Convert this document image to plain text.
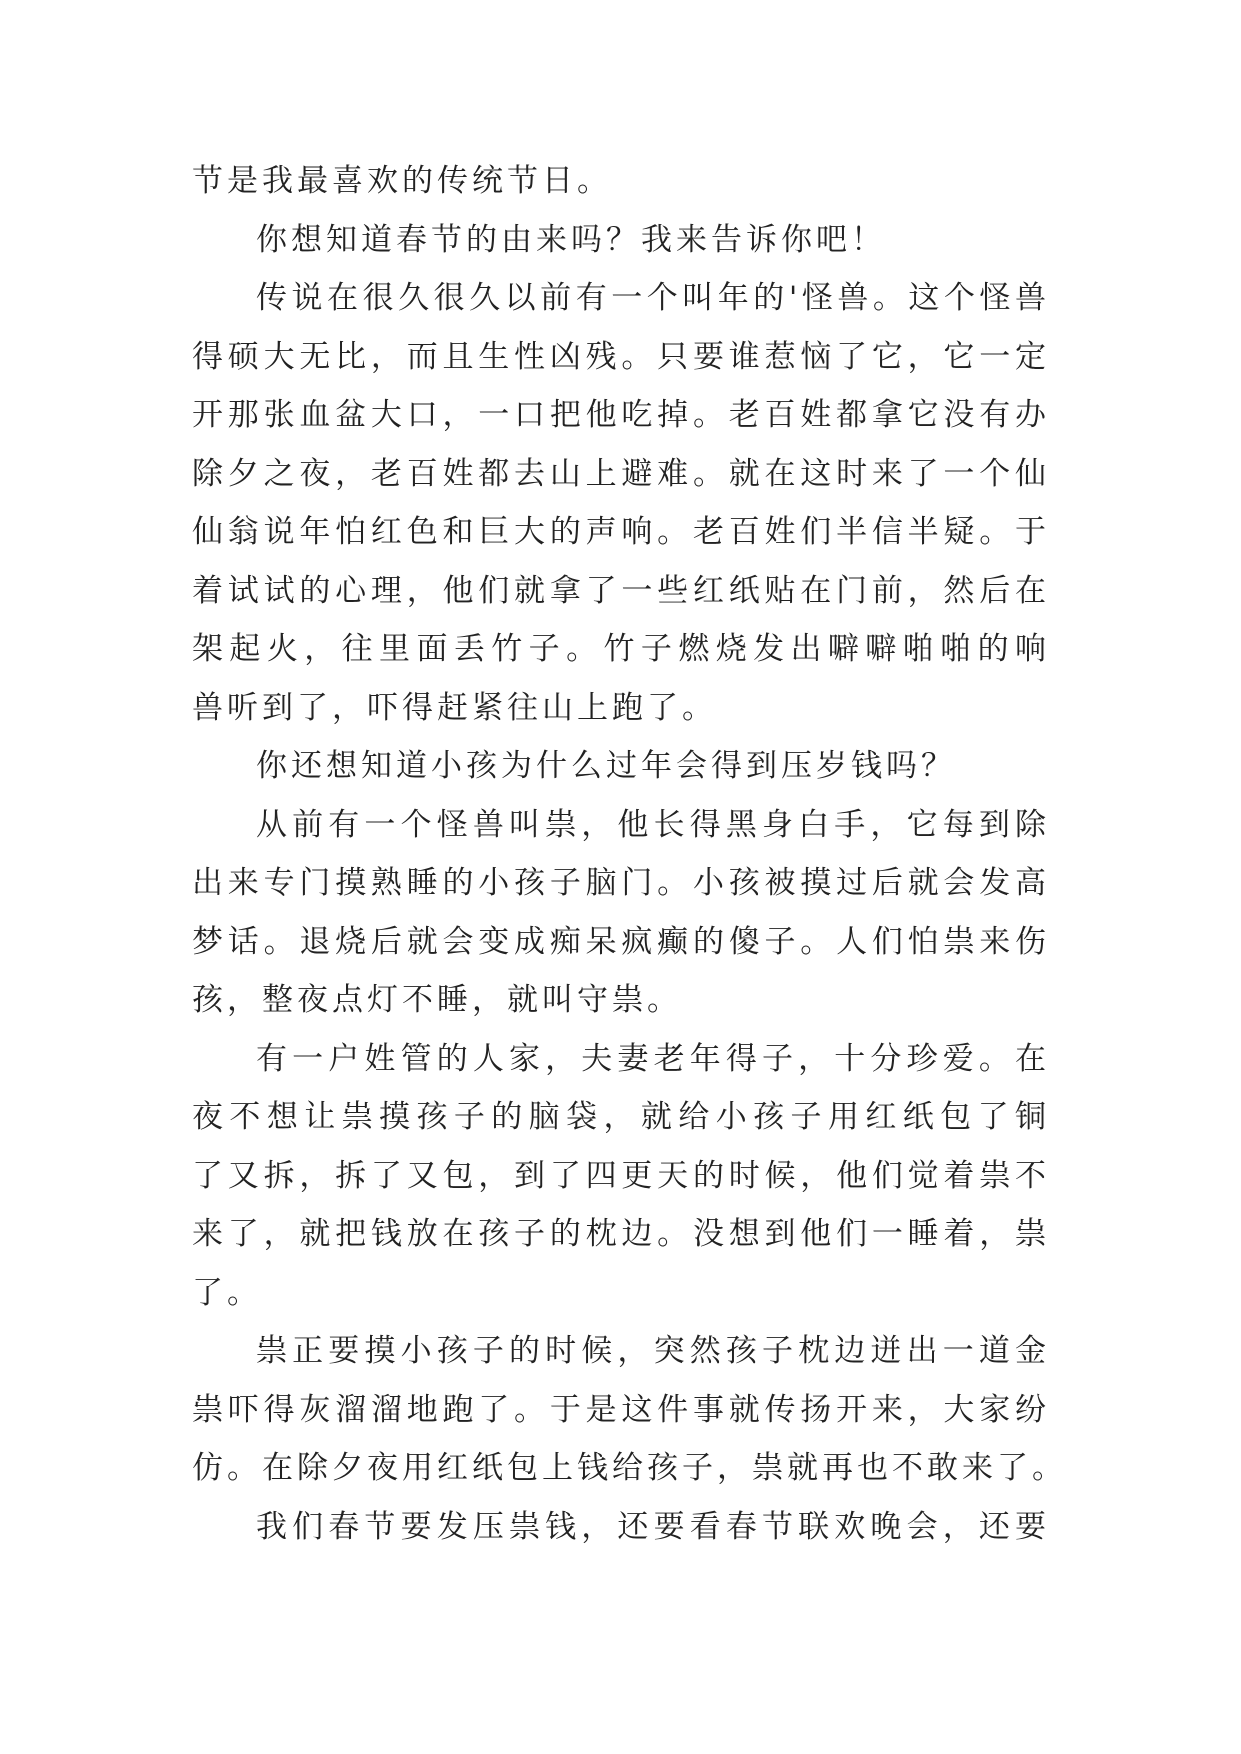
节是我最喜欢的传统节日。
你想知道春节的由来吗？我来告诉你吧！
传说在很久很久以前有一个叫年的'怪兽。这个怪兽
得硕大无比，而且生性凶残。只要谁惹恼了它，它一定
开那张血盆大口，一口把他吃掉。老百姓都拿它没有办
除夕之夜，老百姓都去山上避难。就在这时来了一个仙
仙翁说年怕红色和巨大的声响。老百姓们半信半疑。于
着试试的心理，他们就拿了一些红纸贴在门前，然后在
架起火，往里面丢竹子。竹子燃烧发出噼噼啪啪的响
兽听到了，吓得赶紧往山上跑了。
你还想知道小孩为什么过年会得到压岁钱吗？
从前有一个怪兽叫祟，他长得黑身白手，它每到除
出来专门摸熟睡的小孩子脑门。小孩被摸过后就会发高
梦话。退烧后就会变成痴呆疯癫的傻子。人们怕祟来伤
孩，整夜点灯不睡，就叫守祟。
有一户姓管的人家，夫妻老年得子，十分珍爱。在
夜不想让祟摸孩子的脑袋，就给小孩子用红纸包了铜
了又拆，拆了又包，到了四更天的时候，他们觉着祟不
来了，就把钱放在孩子的枕边。没想到他们一睡着，祟
了。
祟正要摸小孩子的时候，突然孩子枕边迸出一道金
祟吓得灰溜溜地跑了。于是这件事就传扬开来，大家纷
仿。在除夕夜用红纸包上钱给孩子，祟就再也不敢来了。
我们春节要发压祟钱，还要看春节联欢晚会，还要
